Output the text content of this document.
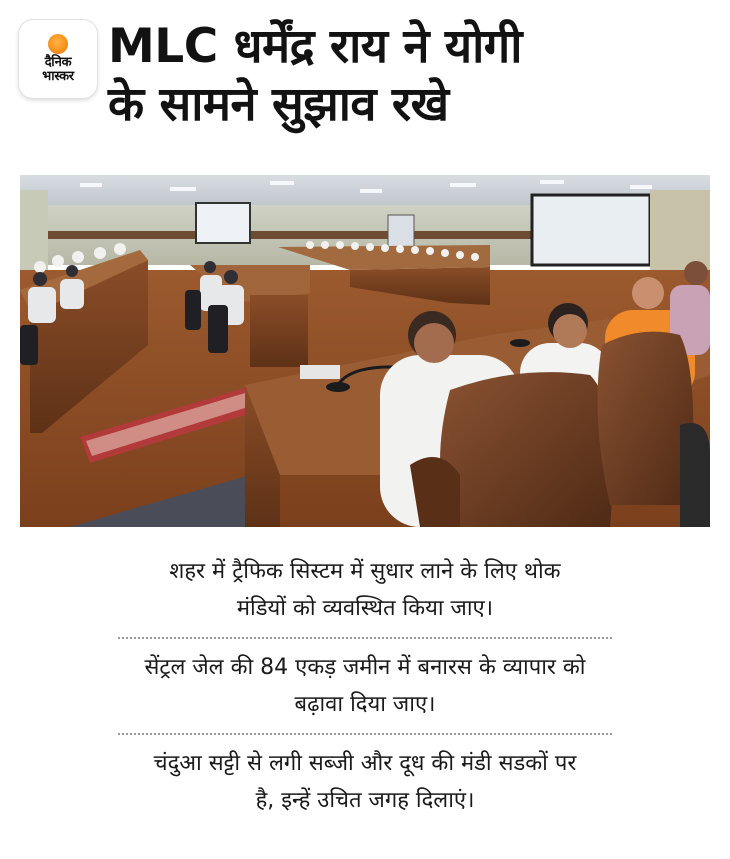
दैनिक
भास्कर
MLC धर्मेंद्र राय ने योगी
के सामने सुझाव रखे
शहर में ट्रैफिक सिस्टम में सुधार लाने के लिए थोक
मंडियों को व्यवस्थित किया जाए।
सेंट्रल जेल की 84 एकड़ जमीन में बनारस के व्यापार को
बढ़ावा दिया जाए।
चंदुआ सट्टी से लगी सब्जी और दूध की मंडी सडकों पर
है, इन्हें उचित जगह दिलाएं।
